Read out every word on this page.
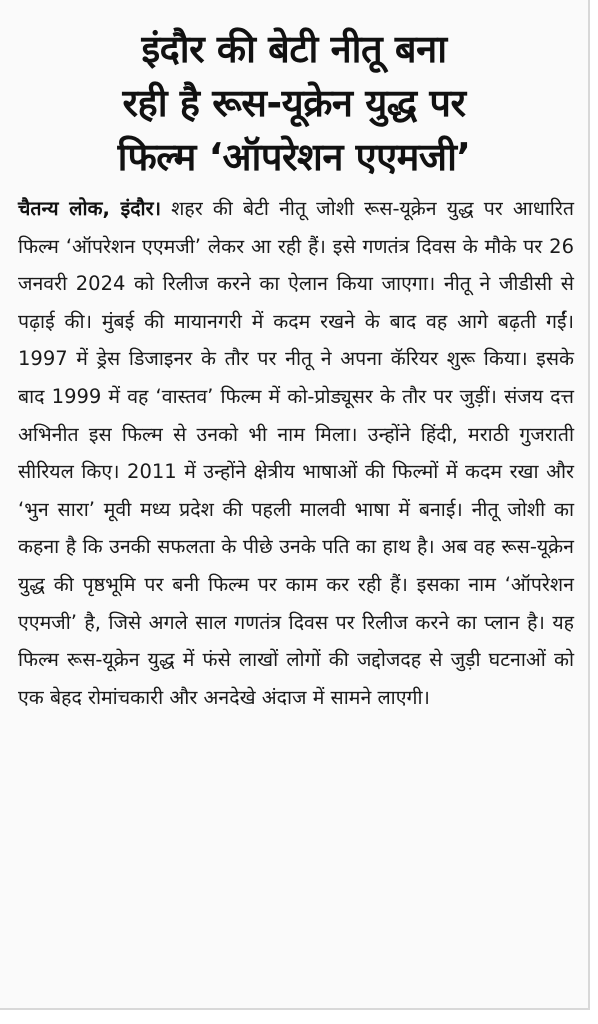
इंदौर की बेटी नीतू बना
रही है रूस-यूक्रेन युद्ध पर
फिल्म ‘ऑपरेशन एएमजी’

चैतन्य लोक, इंदौर। शहर की बेटी नीतू जोशी रूस-यूक्रेन युद्ध पर आधारित फिल्म ‘ऑपरेशन एएमजी’ लेकर आ रही हैं। इसे गणतंत्र दिवस के मौके पर 26 जनवरी 2024 को रिलीज करने का ऐलान किया जाएगा। नीतू ने जीडीसी से पढ़ाई की। मुंबई की मायानगरी में कदम रखने के बाद वह आगे बढ़ती गईं। 1997 में ड्रेस डिजाइनर के तौर पर नीतू ने अपना कॅरियर शुरू किया। इसके बाद 1999 में वह ‘वास्तव’ फिल्म में को-प्रोड्यूसर के तौर पर जुड़ीं। संजय दत्त अभिनीत इस फिल्म से उनको भी नाम मिला। उन्होंने हिंदी, मराठी गुजराती सीरियल किए। 2011 में उन्होंने क्षेत्रीय भाषाओं की फिल्मों में कदम रखा और ‘भुन सारा’ मूवी मध्य प्रदेश की पहली मालवी भाषा में बनाई। नीतू जोशी का कहना है कि उनकी सफलता के पीछे उनके पति का हाथ है। अब वह रूस-यूक्रेन युद्ध की पृष्ठभूमि पर बनी फिल्म पर काम कर रही हैं। इसका नाम ‘ऑपरेशन एएमजी’ है, जिसे अगले साल गणतंत्र दिवस पर रिलीज करने का प्लान है। यह फिल्म रूस-यूक्रेन युद्ध में फंसे लाखों लोगों की जद्दोजदह से जुड़ी घटनाओं को एक बेहद रोमांचकारी और अनदेखे अंदाज में सामने लाएगी।
